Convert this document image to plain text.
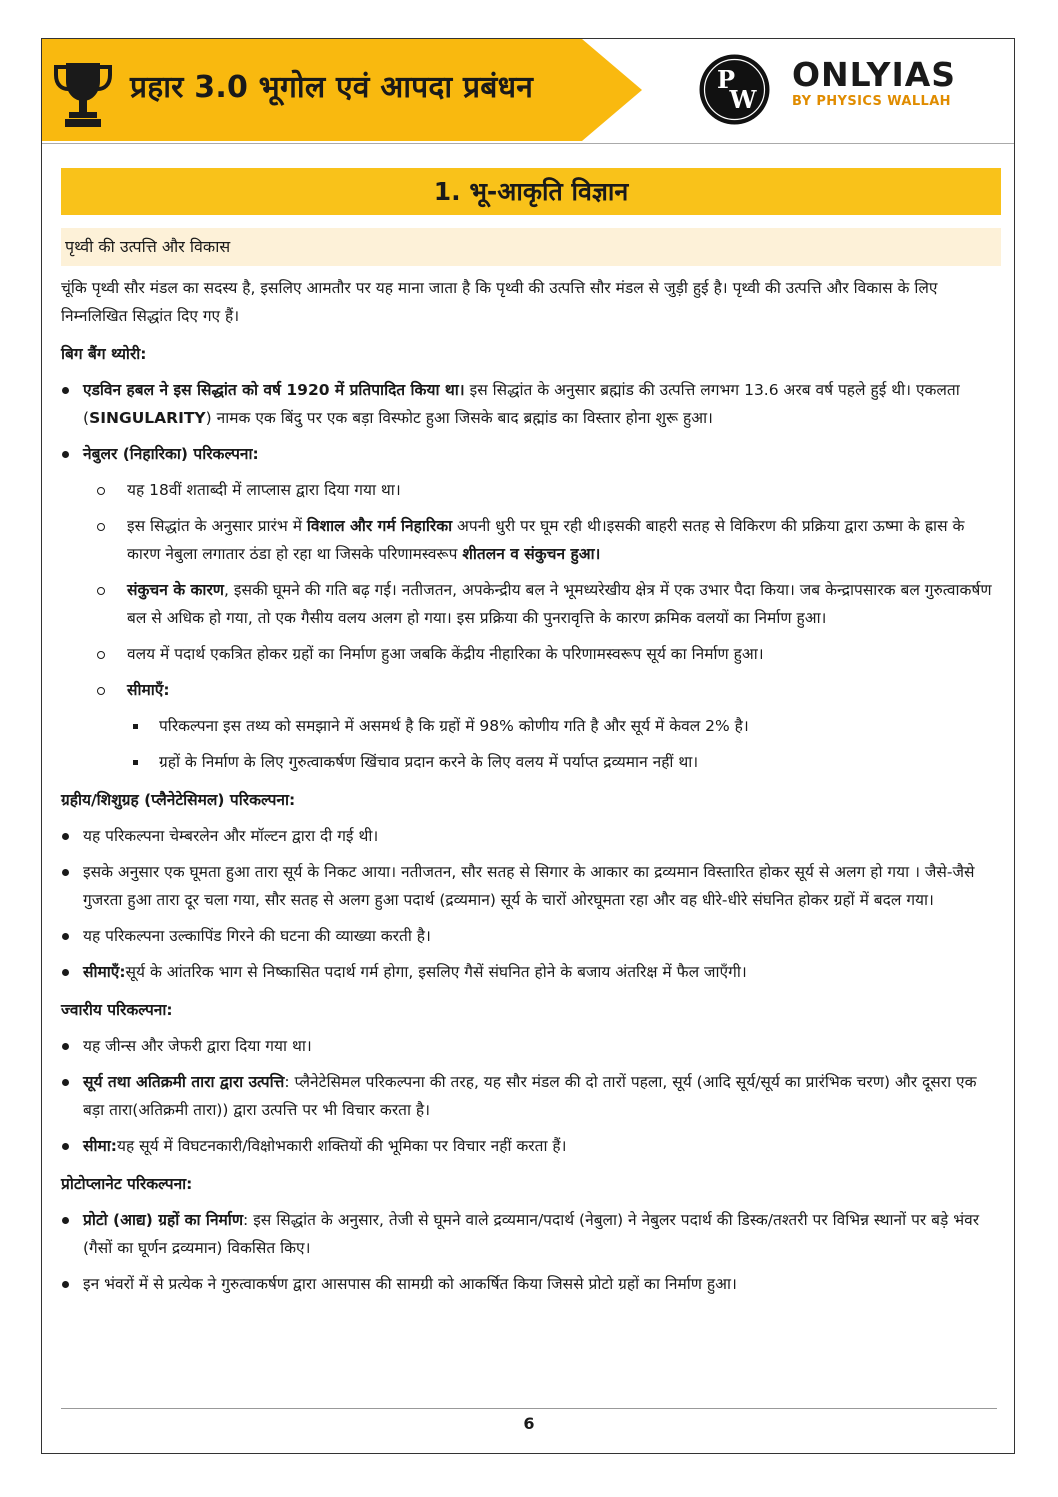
प्रहार 3.0 भूगोल एवं आपदा प्रबंधन	P
W
ONLYIAS
BY PHYSICS WALLAH
1. भू-आकृति विज्ञान
पृथ्वी की उत्पत्ति और विकास

चूंकि पृथ्वी सौर मंडल का सदस्य है, इसलिए आमतौर पर यह माना जाता है कि पृथ्वी की उत्पत्ति सौर मंडल से जुड़ी हुई है। पृथ्वी की उत्पत्ति और विकास के लिए निम्नलिखित सिद्धांत दिए गए हैं।

बिग बैंग थ्योरी:

एडविन हबल ने इस सिद्धांत को वर्ष 1920 में प्रतिपादित किया था। इस सिद्धांत के अनुसार ब्रह्मांड की उत्पत्ति लगभग 13.6 अरब वर्ष पहले हुई थी। एकलता (SINGULARITY) नामक एक बिंदु पर एक बड़ा विस्फोट हुआ जिसके बाद ब्रह्मांड का विस्तार होना शुरू हुआ।
नेबुलर (निहारिका) परिकल्पना:
यह 18वीं शताब्दी में लाप्लास द्वारा दिया गया था।
इस सिद्धांत के अनुसार प्रारंभ में विशाल और गर्म निहारिका अपनी धुरी पर घूम रही थी।इसकी बाहरी सतह से विकिरण की प्रक्रिया द्वारा ऊष्मा के ह्रास के कारण नेबुला लगातार ठंडा हो रहा था जिसके परिणामस्वरूप शीतलन व संकुचन हुआ।
संकुचन के कारण, इसकी घूमने की गति बढ़ गई। नतीजतन, अपकेन्द्रीय बल ने भूमध्यरेखीय क्षेत्र में एक उभार पैदा किया। जब केन्द्रापसारक बल गुरुत्वाकर्षण बल से अधिक हो गया, तो एक गैसीय वलय अलग हो गया। इस प्रक्रिया की पुनरावृत्ति के कारण क्रमिक वलयों का निर्माण हुआ।
वलय में पदार्थ एकत्रित होकर ग्रहों का निर्माण हुआ जबकि केंद्रीय नीहारिका के परिणामस्वरूप सूर्य का निर्माण हुआ।
सीमाएँ:
परिकल्पना इस तथ्य को समझाने में असमर्थ है कि ग्रहों में 98% कोणीय गति है और सूर्य में केवल 2% है।
ग्रहों के निर्माण के लिए गुरुत्वाकर्षण खिंचाव प्रदान करने के लिए वलय में पर्याप्त द्रव्यमान नहीं था।

ग्रहीय/शिशुग्रह (प्लैनेटेसिमल) परिकल्पना:

यह परिकल्पना चेम्बरलेन और मॉल्टन द्वारा दी गई थी।
इसके अनुसार एक घूमता हुआ तारा सूर्य के निकट आया। नतीजतन, सौर सतह से सिगार के आकार का द्रव्यमान विस्तारित होकर सूर्य से अलग हो गया । जैसे-जैसे गुजरता हुआ तारा दूर चला गया, सौर सतह से अलग हुआ पदार्थ (द्रव्यमान) सूर्य के चारों ओरघूमता रहा और वह धीरे-धीरे संघनित होकर ग्रहों में बदल गया।
यह परिकल्पना उल्कापिंड गिरने की घटना की व्याख्या करती है।
सीमाएँ:सूर्य के आंतरिक भाग से निष्कासित पदार्थ गर्म होगा, इसलिए गैसें संघनित होने के बजाय अंतरिक्ष में फैल जाएँगी।

ज्वारीय परिकल्पना:

यह जीन्स और जेफरी द्वारा दिया गया था।
सूर्य तथा अतिक्रमी तारा द्वारा उत्पत्ति: प्लैनेटेसिमल परिकल्पना की तरह, यह सौर मंडल की दो तारों पहला, सूर्य (आदि सूर्य/सूर्य का प्रारंभिक चरण) और दूसरा एक बड़ा तारा(अतिक्रमी तारा)) द्वारा उत्पत्ति पर भी विचार करता है।
सीमा:यह सूर्य में विघटनकारी/विक्षोभकारी शक्तियों की भूमिका पर विचार नहीं करता हैं।

प्रोटोप्लानेट परिकल्पना:

प्रोटो (आद्य) ग्रहों का निर्माण: इस सिद्धांत के अनुसार, तेजी से घूमने वाले द्रव्यमान/पदार्थ (नेबुला) ने नेबुलर पदार्थ की डिस्क/तश्तरी पर विभिन्न स्थानों पर बड़े भंवर (गैसों का घूर्णन द्रव्यमान) विकसित किए।
इन भंवरों में से प्रत्येक ने गुरुत्वाकर्षण द्वारा आसपास की सामग्री को आकर्षित किया जिससे प्रोटो ग्रहों का निर्माण हुआ।
6
